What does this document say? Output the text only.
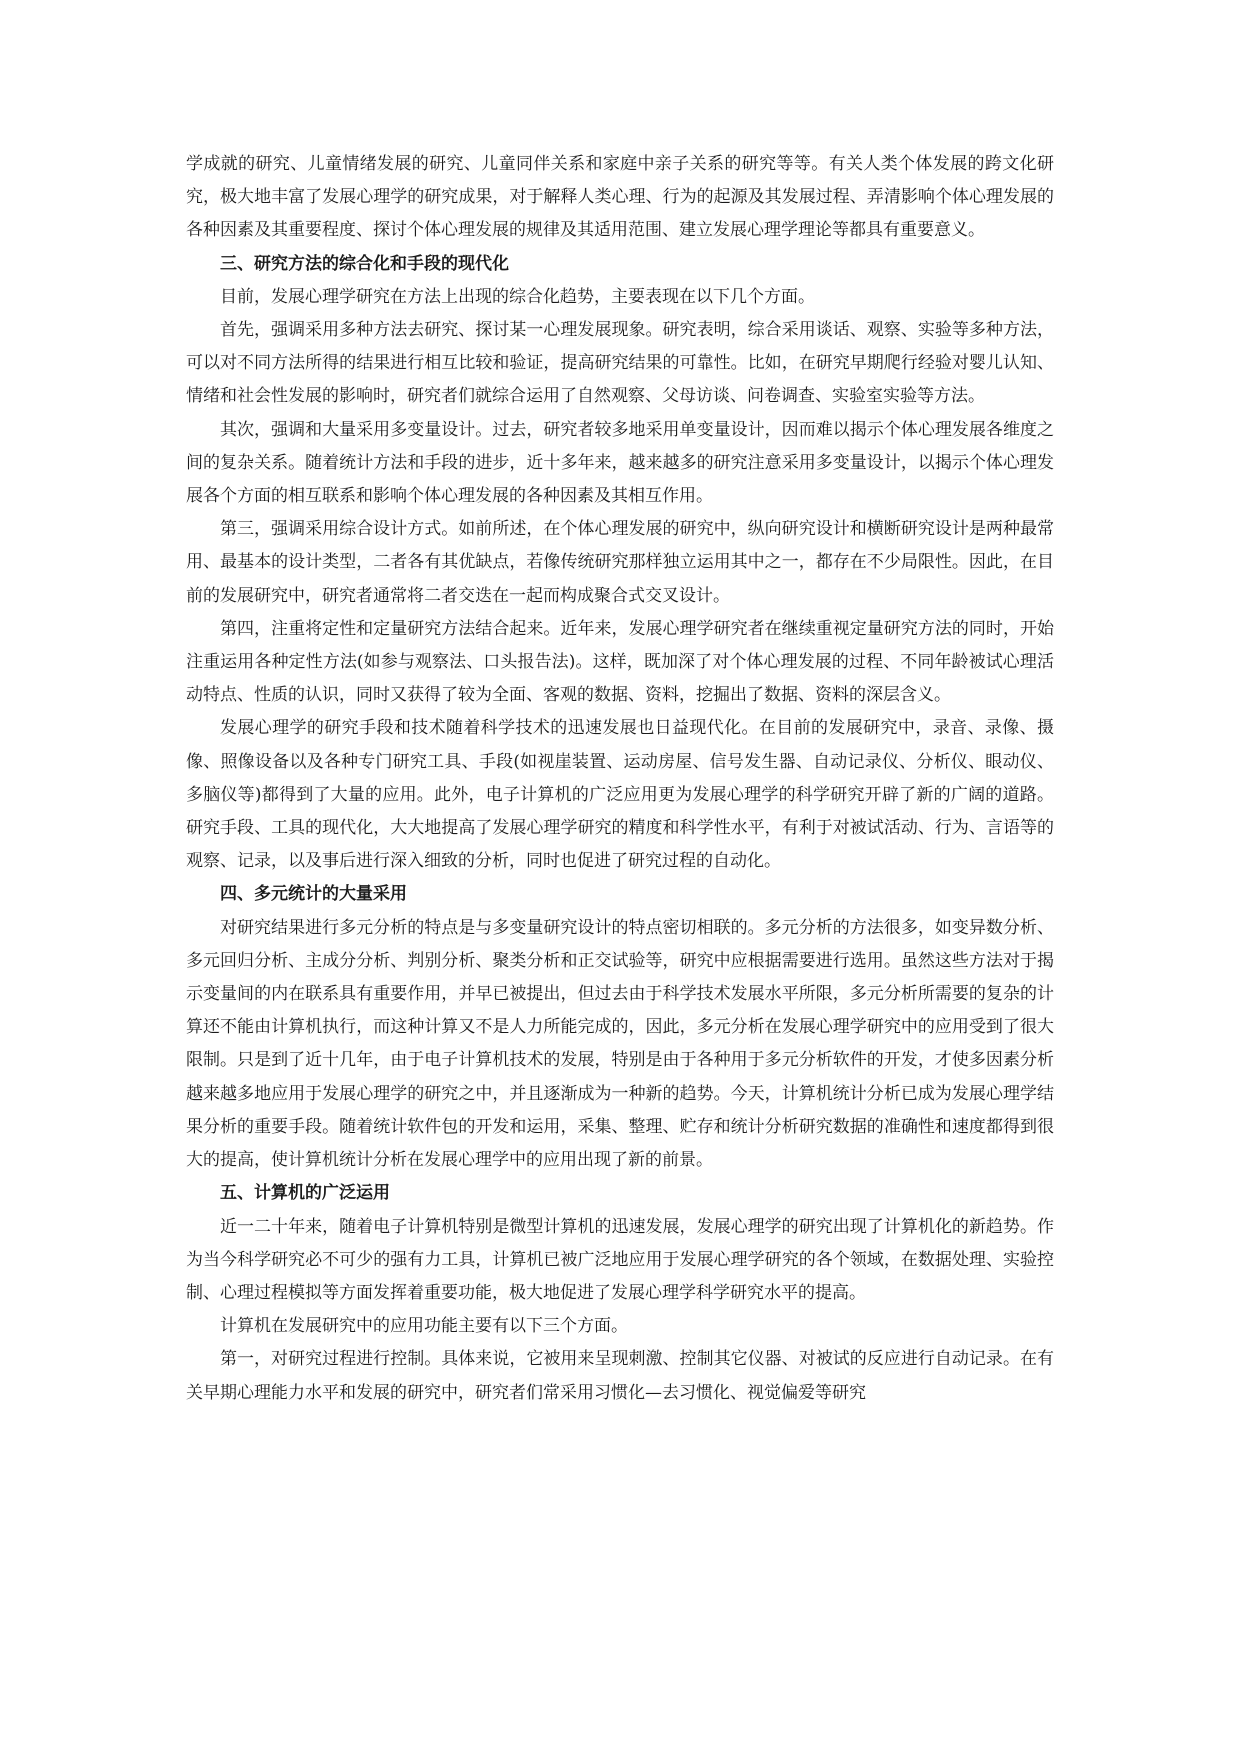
学成就的研究、儿童情绪发展的研究、儿童同伴关系和家庭中亲子关系的研究等等。有关人类个体发展的跨文化研究，极大地丰富了发展心理学的研究成果，对于解释人类心理、行为的起源及其发展过程、弄清影响个体心理发展的各种因素及其重要程度、探讨个体心理发展的规律及其适用范围、建立发展心理学理论等都具有重要意义。

三、研究方法的综合化和手段的现代化

目前，发展心理学研究在方法上出现的综合化趋势，主要表现在以下几个方面。

首先，强调采用多种方法去研究、探讨某一心理发展现象。研究表明，综合采用谈话、观察、实验等多种方法，可以对不同方法所得的结果进行相互比较和验证，提高研究结果的可靠性。比如，在研究早期爬行经验对婴儿认知、情绪和社会性发展的影响时，研究者们就综合运用了自然观察、父母访谈、问卷调查、实验室实验等方法。

其次，强调和大量采用多变量设计。过去，研究者较多地采用单变量设计，因而难以揭示个体心理发展各维度之间的复杂关系。随着统计方法和手段的进步，近十多年来，越来越多的研究注意采用多变量设计，以揭示个体心理发展各个方面的相互联系和影响个体心理发展的各种因素及其相互作用。

第三，强调采用综合设计方式。如前所述，在个体心理发展的研究中，纵向研究设计和横断研究设计是两种最常用、最基本的设计类型，二者各有其优缺点，若像传统研究那样独立运用其中之一，都存在不少局限性。因此，在目前的发展研究中，研究者通常将二者交迭在一起而构成聚合式交叉设计。

第四，注重将定性和定量研究方法结合起来。近年来，发展心理学研究者在继续重视定量研究方法的同时，开始注重运用各种定性方法(如参与观察法、口头报告法)。这样，既加深了对个体心理发展的过程、不同年龄被试心理活动特点、性质的认识，同时又获得了较为全面、客观的数据、资料，挖掘出了数据、资料的深层含义。

发展心理学的研究手段和技术随着科学技术的迅速发展也日益现代化。在目前的发展研究中，录音、录像、摄像、照像设备以及各种专门研究工具、手段(如视崖装置、运动房屋、信号发生器、自动记录仪、分析仪、眼动仪、多脑仪等)都得到了大量的应用。此外，电子计算机的广泛应用更为发展心理学的科学研究开辟了新的广阔的道路。研究手段、工具的现代化，大大地提高了发展心理学研究的精度和科学性水平，有利于对被试活动、行为、言语等的观察、记录，以及事后进行深入细致的分析，同时也促进了研究过程的自动化。

四、多元统计的大量采用

对研究结果进行多元分析的特点是与多变量研究设计的特点密切相联的。多元分析的方法很多，如变异数分析、多元回归分析、主成分分析、判别分析、聚类分析和正交试验等，研究中应根据需要进行选用。虽然这些方法对于揭示变量间的内在联系具有重要作用，并早已被提出，但过去由于科学技术发展水平所限，多元分析所需要的复杂的计算还不能由计算机执行，而这种计算又不是人力所能完成的，因此，多元分析在发展心理学研究中的应用受到了很大限制。只是到了近十几年，由于电子计算机技术的发展，特别是由于各种用于多元分析软件的开发，才使多因素分析越来越多地应用于发展心理学的研究之中，并且逐渐成为一种新的趋势。今天，计算机统计分析已成为发展心理学结果分析的重要手段。随着统计软件包的开发和运用，采集、整理、贮存和统计分析研究数据的准确性和速度都得到很大的提高，使计算机统计分析在发展心理学中的应用出现了新的前景。

五、计算机的广泛运用

近一二十年来，随着电子计算机特别是微型计算机的迅速发展，发展心理学的研究出现了计算机化的新趋势。作为当今科学研究必不可少的强有力工具，计算机已被广泛地应用于发展心理学研究的各个领域，在数据处理、实验控制、心理过程模拟等方面发挥着重要功能，极大地促进了发展心理学科学研究水平的提高。

计算机在发展研究中的应用功能主要有以下三个方面。

第一，对研究过程进行控制。具体来说，它被用来呈现刺激、控制其它仪器、对被试的反应进行自动记录。在有关早期心理能力水平和发展的研究中，研究者们常采用习惯化—去习惯化、视觉偏爱等研究
